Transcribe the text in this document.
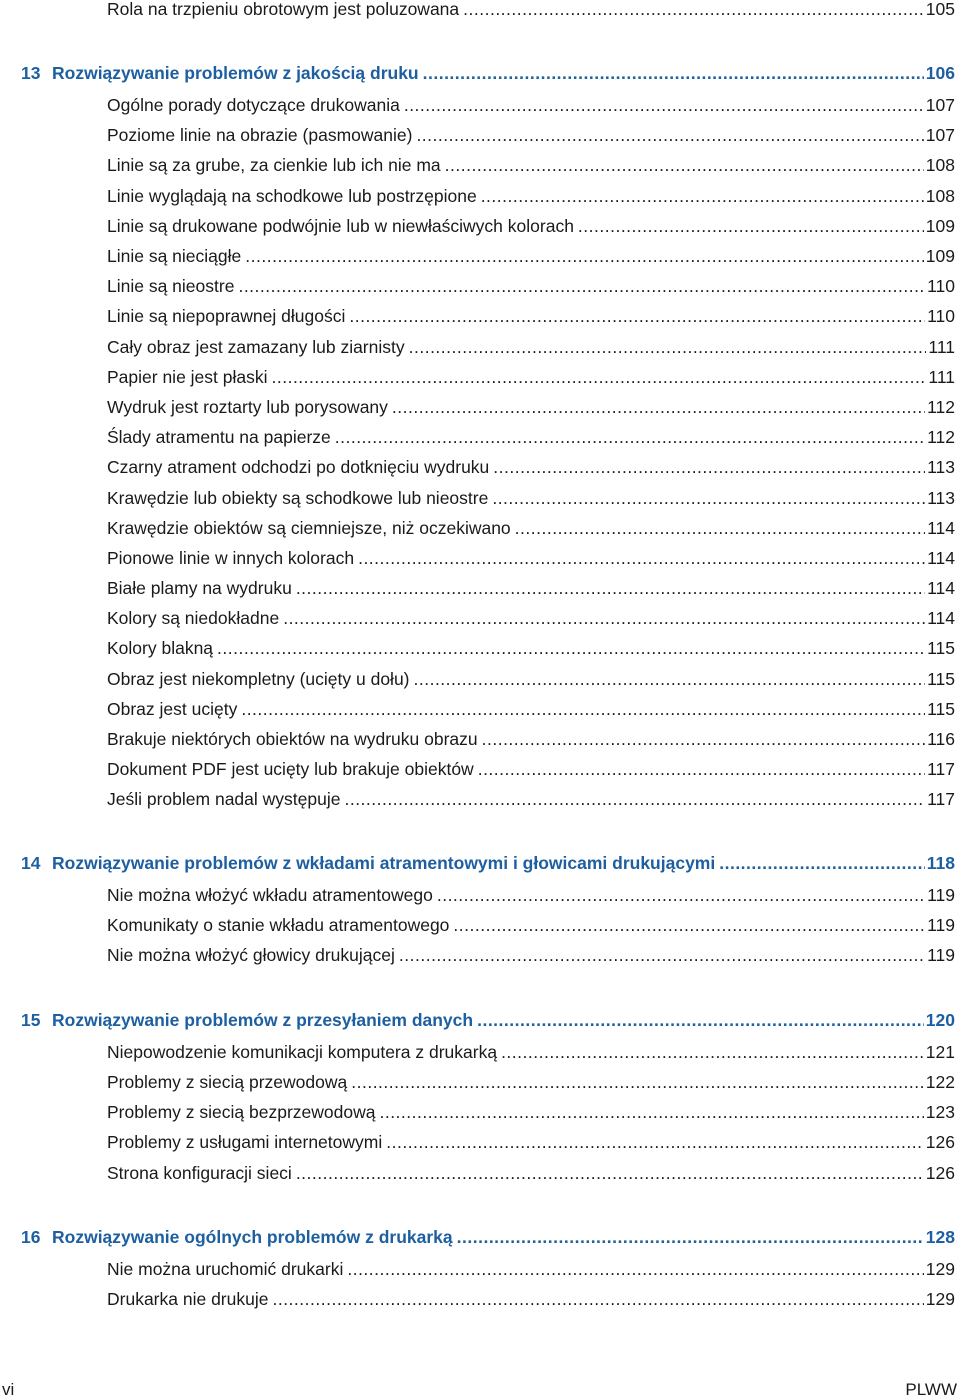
Rola na trzpieniu obrotowym jest poluzowana .....	105
13 Rozwiązywanie problemów z jakością druku .....	106
Ogólne porady dotyczące drukowania .....	107
Poziome linie na obrazie (pasmowanie) .....	107
Linie są za grube, za cienkie lub ich nie ma .....	108
Linie wyglądają na schodkowe lub postrzępione .....	108
Linie są drukowane podwójnie lub w niewłaściwych kolorach .....	109
Linie są nieciągłe .....	109
Linie są nieostre .....	110
Linie są niepoprawnej długości .....	110
Cały obraz jest zamazany lub ziarnisty .....	111
Papier nie jest płaski .....	111
Wydruk jest roztarty lub porysowany .....	112
Ślady atramentu na papierze .....	112
Czarny atrament odchodzi po dotknięciu wydruku .....	113
Krawędzie lub obiekty są schodkowe lub nieostre .....	113
Krawędzie obiektów są ciemniejsze, niż oczekiwano .....	114
Pionowe linie w innych kolorach .....	114
Białe plamy na wydruku .....	114
Kolory są niedokładne .....	114
Kolory blakną .....	115
Obraz jest niekompletny (ucięty u dołu) .....	115
Obraz jest ucięty .....	115
Brakuje niektórych obiektów na wydruku obrazu .....	116
Dokument PDF jest ucięty lub brakuje obiektów .....	117
Jeśli problem nadal występuje .....	117
14 Rozwiązywanie problemów z wkładami atramentowymi i głowicami drukującymi .....	118
Nie można włożyć wkładu atramentowego .....	119
Komunikaty o stanie wkładu atramentowego .....	119
Nie można włożyć głowicy drukującej .....	119
15 Rozwiązywanie problemów z przesyłaniem danych .....	120
Niepowodzenie komunikacji komputera z drukarką .....	121
Problemy z siecią przewodową .....	122
Problemy z siecią bezprzewodową .....	123
Problemy z usługami internetowymi .....	126
Strona konfiguracji sieci .....	126
16 Rozwiązywanie ogólnych problemów z drukarką .....	128
Nie można uruchomić drukarki .....	129
Drukarka nie drukuje .....	129
vi	PLWW
